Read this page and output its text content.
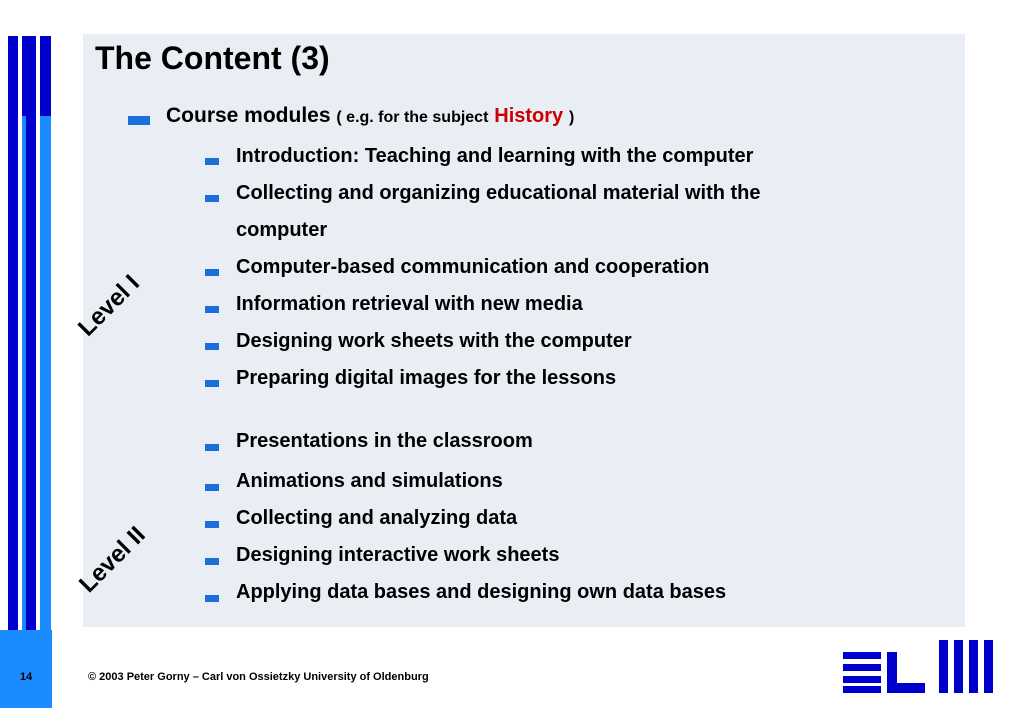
The Content (3)
Course modules ( e.g. for the subject History )
Introduction: Teaching and learning with the computer
Collecting and organizing educational material with the
computer
Computer-based communication and cooperation
Information retrieval with new media
Designing work sheets with the computer
Preparing digital images for the lessons
Presentations in the classroom
Animations and simulations
Collecting and analyzing data
Designing interactive work sheets
Applying data bases and designing own data bases
Level I
Level II
14	© 2003 Peter Gorny – Carl von Ossietzky University of Oldenburg
